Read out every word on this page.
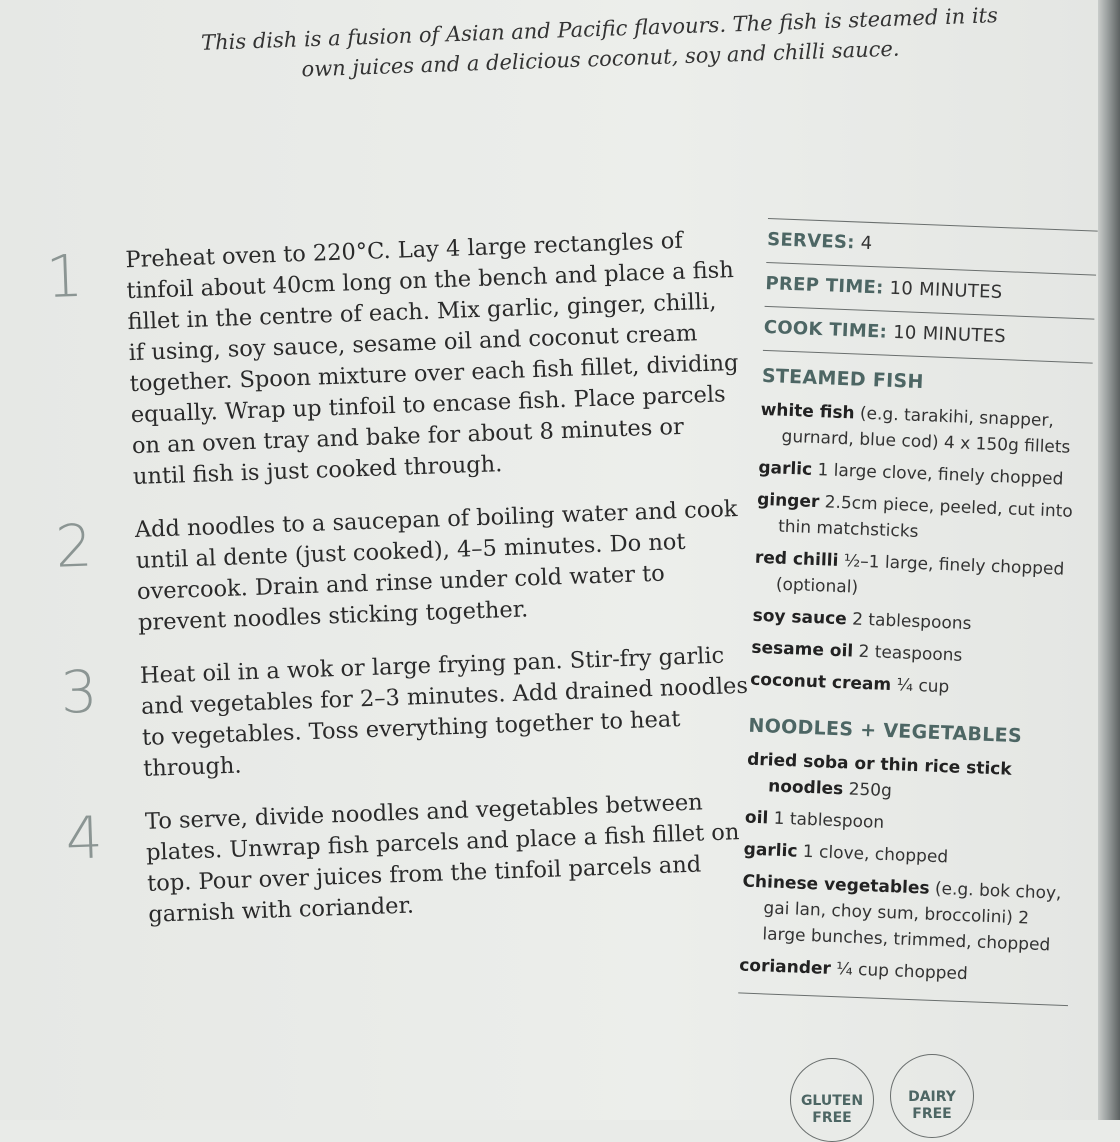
This dish is a fusion of Asian and Pacific flavours. The fish is steamed in its own juices and a delicious coconut, soy and chilli sauce.
1 Preheat oven to 220°C. Lay 4 large rectangles of tinfoil about 40cm long on the bench and place a fish fillet in the centre of each. Mix garlic, ginger, chilli, if using, soy sauce, sesame oil and coconut cream together. Spoon mixture over each fish fillet, dividing equally. Wrap up tinfoil to encase fish. Place parcels on an oven tray and bake for about 8 minutes or until fish is just cooked through.
2 Add noodles to a saucepan of boiling water and cook until al dente (just cooked), 4–5 minutes. Do not overcook. Drain and rinse under cold water to prevent noodles sticking together.
3 Heat oil in a wok or large frying pan. Stir-fry garlic and vegetables for 2–3 minutes. Add drained noodles to vegetables. Toss everything together to heat through.
4 To serve, divide noodles and vegetables between plates. Unwrap fish parcels and place a fish fillet on top. Pour over juices from the tinfoil parcels and garnish with coriander.
SERVES: 4
PREP TIME: 10 MINUTES
COOK TIME: 10 MINUTES
STEAMED FISH
white fish (e.g. tarakihi, snapper, gurnard, blue cod) 4 x 150g fillets
garlic 1 large clove, finely chopped
ginger 2.5cm piece, peeled, cut into thin matchsticks
red chilli ½–1 large, finely chopped (optional)
soy sauce 2 tablespoons
sesame oil 2 teaspoons
coconut cream ¼ cup
NOODLES + VEGETABLES
dried soba or thin rice stick noodles 250g
oil 1 tablespoon
garlic 1 clove, chopped
Chinese vegetables (e.g. bok choy, gai lan, choy sum, broccolini) 2 large bunches, trimmed, chopped
coriander ¼ cup chopped
GLUTEN FREE
DAIRY FREE
